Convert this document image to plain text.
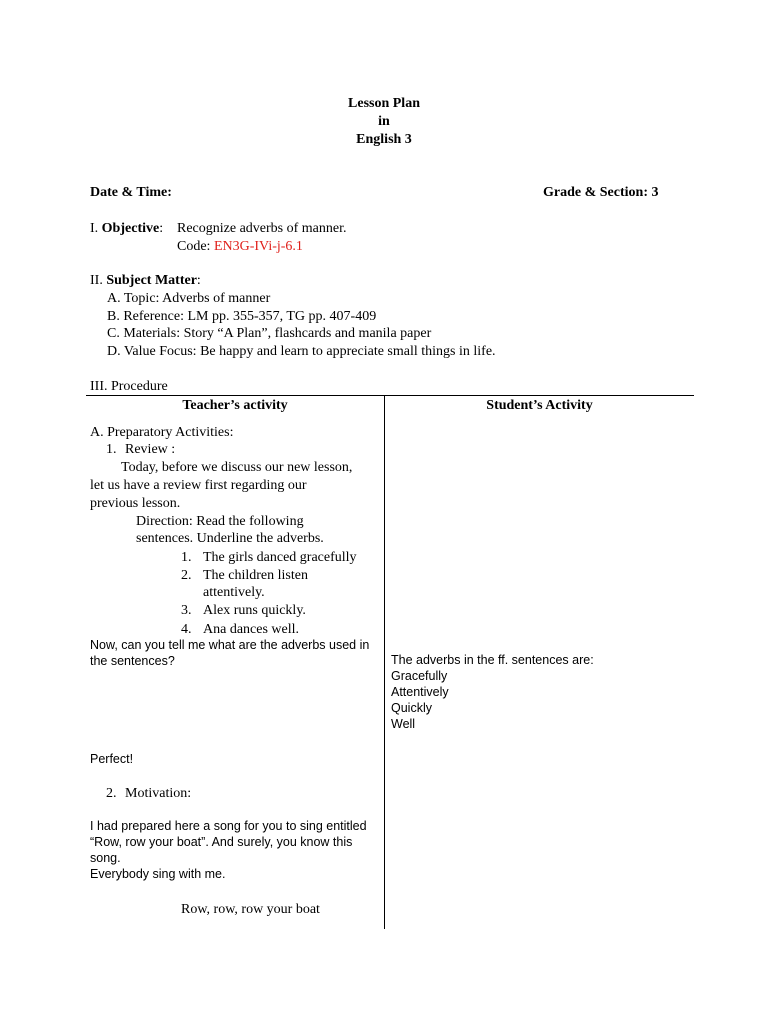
Lesson Plan
in
English 3
Date & Time:	Grade & Section: 3
I. Objective: Recognize adverbs of manner.
Code: EN3G-IVi-j-6.1
II. Subject Matter:
A. Topic: Adverbs of manner
B. Reference: LM pp. 355-357, TG pp. 407-409
C. Materials: Story “A Plan”, flashcards and manila paper
D. Value Focus: Be happy and learn to appreciate small things in life.
III. Procedure
Teacher’s activity	Student’s Activity
A. Preparatory Activities:
1. Review :
Today, before we discuss our new lesson,
let us have a review first regarding our
previous lesson.
Direction: Read the following
sentences. Underline the adverbs.
1. The girls danced gracefully
2. The children listen
attentively.
3. Alex runs quickly.
4. Ana dances well.
Now, can you tell me what are the adverbs used in
the sentences?
Perfect!
2. Motivation:
I had prepared here a song for you to sing entitled
“Row, row your boat”. And surely, you know this
song.
Everybody sing with me.
Row, row, row your boat
The adverbs in the ff. sentences are:
Gracefully
Attentively
Quickly
Well
